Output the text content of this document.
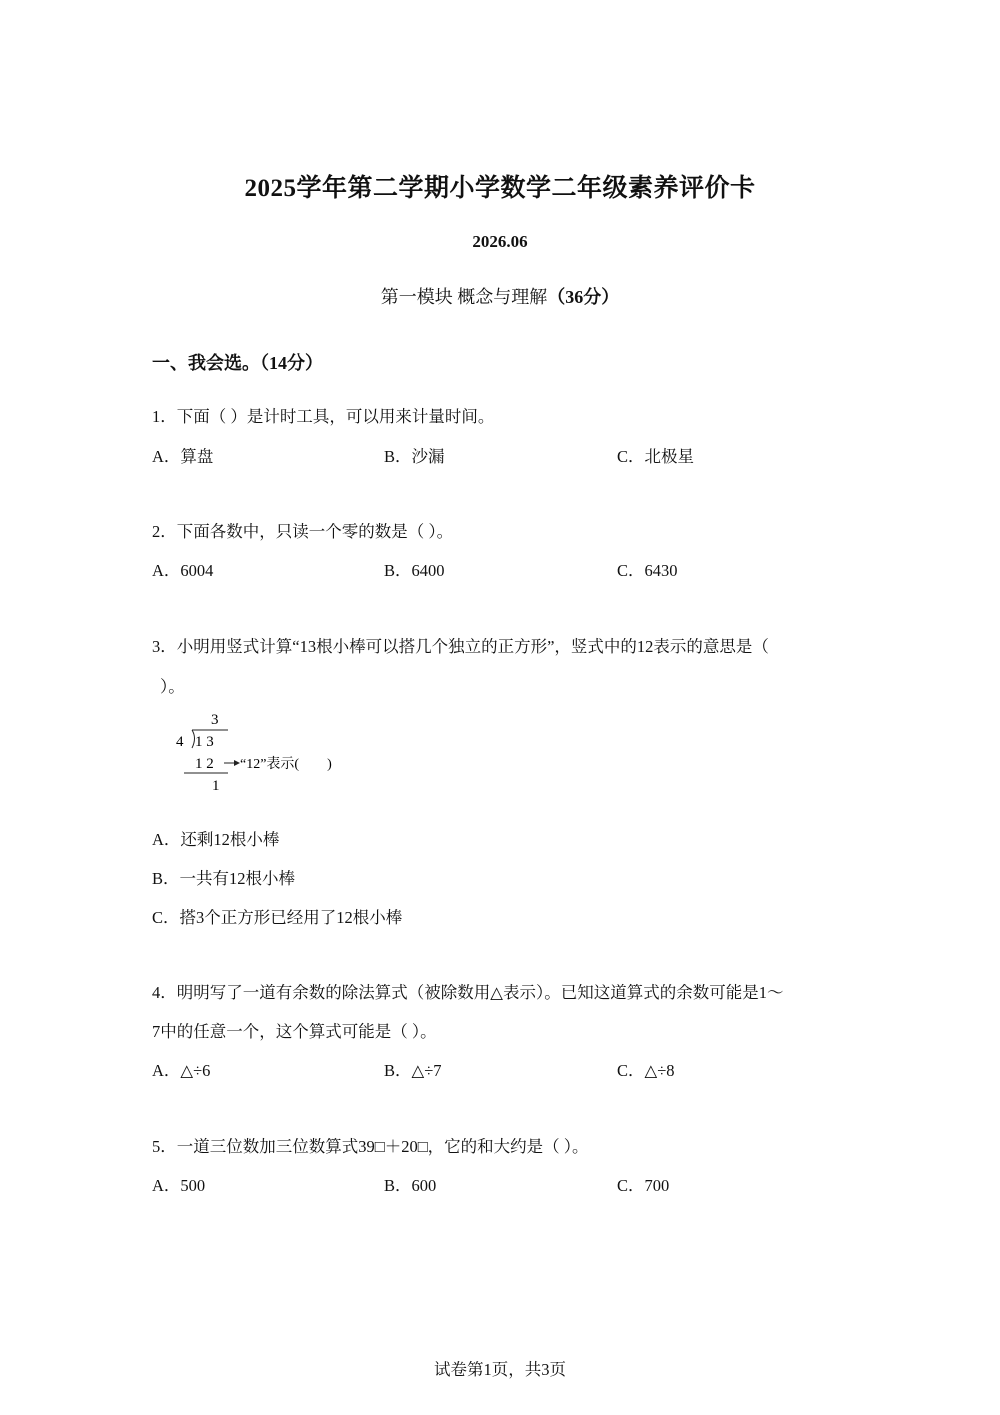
2025学年第二学期小学数学二年级素养评价卡
2026.06
第一模块 概念与理解（36分）
一、我会选。（14分）
1．下面（ ）是计时工具，可以用来计量时间。
A．算盘	B．沙漏	C．北极星
2．下面各数中，只读一个零的数是（ ）。
A．6004	B．6400	C．6430
3．小明用竖式计算“13根小棒可以搭几个独立的正方形”，竖式中的12表示的意思是（
）。
3
4 1 3
1 2 “12”表示(        )
1
A．还剩12根小棒
B．一共有12根小棒
C．搭3个正方形已经用了12根小棒
4．明明写了一道有余数的除法算式（被除数用△表示）。已知这道算式的余数可能是1～
7中的任意一个，这个算式可能是（ ）。
A．△÷6	B．△÷7	C．△÷8
5．一道三位数加三位数算式39□＋20□，它的和大约是（ ）。
A．500	B．600	C．700
试卷第1页，共3页
